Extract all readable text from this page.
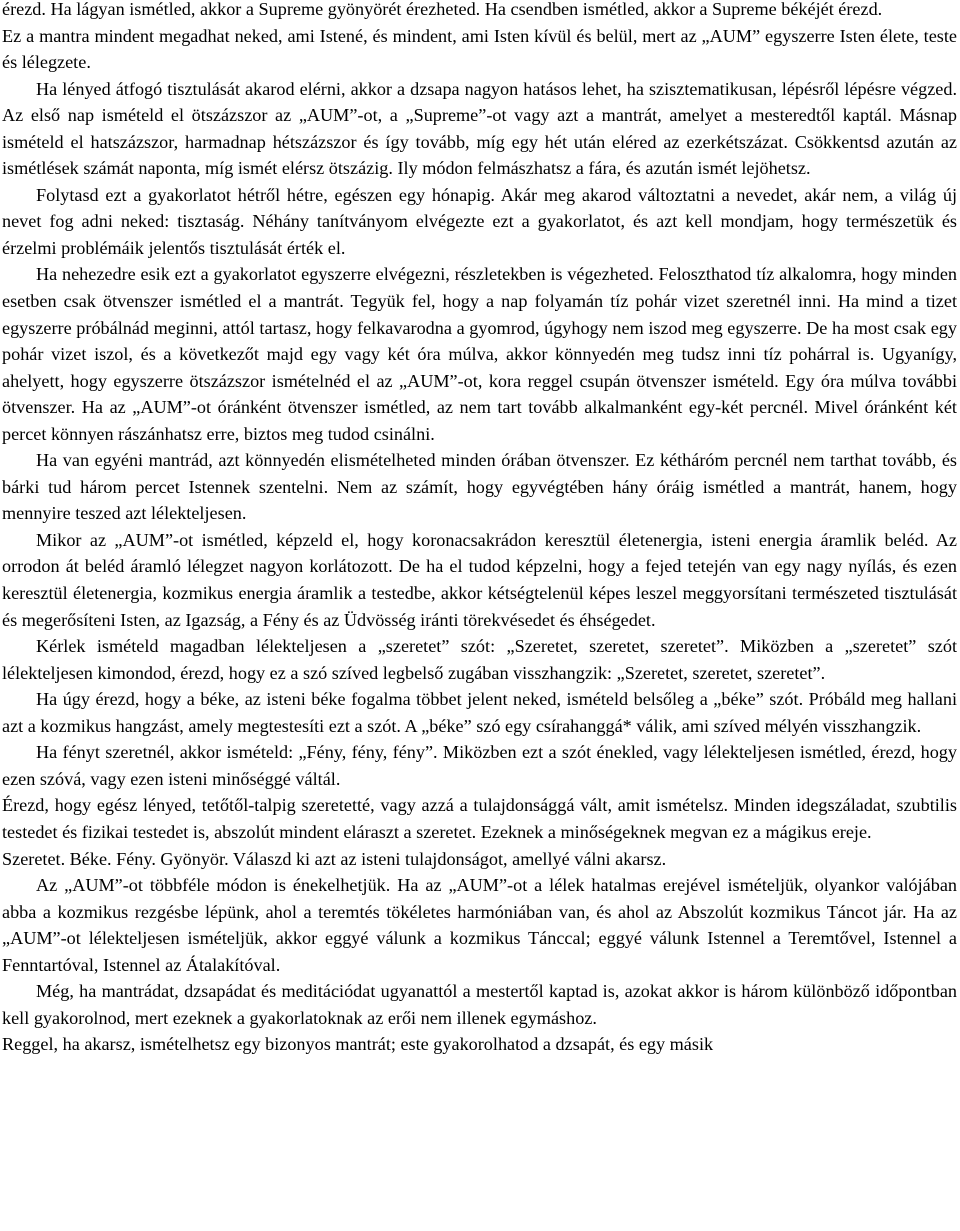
érezd. Ha lágyan ismétled, akkor a Supreme gyönyörét érezheted. Ha csendben ismétled, akkor a Supreme békéjét érezd.

Ez a mantra mindent megadhat neked, ami Istené, és mindent, ami Isten kívül és belül, mert az „AUM” egyszerre Isten élete, teste és lélegzete.

Ha lényed átfogó tisztulását akarod elérni, akkor a dzsapa nagyon hatásos lehet, ha szisztematikusan, lépésről lépésre végzed. Az első nap ismételd el ötszázszor az „AUM”-ot, a „Supreme”-ot vagy azt a mantrát, amelyet a mesteredtől kaptál. Másnap ismételd el hatszázszor, harmadnap hétszázszor és így tovább, míg egy hét után eléred az ezerkétszázat. Csökkentsd azután az ismétlések számát naponta, míg ismét elérsz ötszázig. Ily módon felmászhatsz a fára, és azután ismét lejöhetsz.

Folytasd ezt a gyakorlatot hétről hétre, egészen egy hónapig. Akár meg akarod változtatni a nevedet, akár nem, a világ új nevet fog adni neked: tisztaság. Néhány tanítványom elvégezte ezt a gyakorlatot, és azt kell mondjam, hogy természetük és érzelmi problémáik jelentős tisztulását érték el.

Ha nehezedre esik ezt a gyakorlatot egyszerre elvégezni, részletekben is végezheted. Feloszthatod tíz alkalomra, hogy minden esetben csak ötvenszer ismétled el a mantrát. Tegyük fel, hogy a nap folyamán tíz pohár vizet szeretnél inni. Ha mind a tizet egyszerre próbálnád meginni, attól tartasz, hogy felkavarodna a gyomrod, úgyhogy nem iszod meg egyszerre. De ha most csak egy pohár vizet iszol, és a következőt majd egy vagy két óra múlva, akkor könnyedén meg tudsz inni tíz pohárral is. Ugyanígy, ahelyett, hogy egyszerre ötszázszor ismételnéd el az „AUM”-ot, kora reggel csupán ötvenszer ismételd. Egy óra múlva további ötvenszer. Ha az „AUM”-ot óránként ötvenszer ismétled, az nem tart tovább alkalmanként egy-két percnél. Mivel óránként két percet könnyen rászánhatsz erre, biztos meg tudod csinálni.

Ha van egyéni mantrád, azt könnyedén elismételheted minden órában ötvenszer. Ez kétháróm percnél nem tarthat tovább, és bárki tud három percet Istennek szentelni. Nem az számít, hogy egyvégtében hány óráig ismétled a mantrát, hanem, hogy mennyire teszed azt lélekteljesen.

Mikor az „AUM”-ot ismétled, képzeld el, hogy koronacsakrádon keresztül életenergia, isteni energia áramlik beléd. Az orrodon át beléd áramló lélegzet nagyon korlátozott. De ha el tudod képzelni, hogy a fejed tetején van egy nagy nyílás, és ezen keresztül életenergia, kozmikus energia áramlik a testedbe, akkor kétségtelenül képes leszel meggyorsítani természeted tisztulását és megerősíteni Isten, az Igazság, a Fény és az Üdvösség iránti törekvésedet és éhségedet.

Kérlek ismételd magadban lélekteljesen a „szeretet” szót: „Szeretet, szeretet, szeretet”. Miközben a „szeretet” szót lélekteljesen kimondod, érezd, hogy ez a szó szíved legbelső zugában visszhangzik: „Szeretet, szeretet, szeretet”.

Ha úgy érezd, hogy a béke, az isteni béke fogalma többet jelent neked, ismételd belsőleg a „béke” szót. Próbáld meg hallani azt a kozmikus hangzást, amely megtestesíti ezt a szót. A „béke” szó egy csírahanggá* válik, ami szíved mélyén visszhangzik.

Ha fényt szeretnél, akkor ismételd: „Fény, fény, fény”. Miközben ezt a szót énekled, vagy lélekteljesen ismétled, érezd, hogy ezen szóvá, vagy ezen isteni minőséggé váltál.

Érezd, hogy egész lényed, tetőtől-talpig szeretetté, vagy azzá a tulajdonsággá vált, amit ismételsz. Minden idegszáladat, szubtilis testedet és fizikai testedet is, abszolút mindent eláraszt a szeretet. Ezeknek a minőségeknek megvan ez a mágikus ereje.

Szeretet. Béke. Fény. Gyönyör. Válaszd ki azt az isteni tulajdonságot, amellyé válni akarsz.

Az „AUM”-ot többféle módon is énekelhetjük. Ha az „AUM”-ot a lélek hatalmas erejével ismételjük, olyankor valójában abba a kozmikus rezgésbe lépünk, ahol a teremtés tökéletes harmóniában van, és ahol az Abszolút kozmikus Táncot jár. Ha az „AUM”-ot lélekteljesen ismételjük, akkor eggyé válunk a kozmikus Tánccal; eggyé válunk Istennel a Teremtővel, Istennel a Fenntartóval, Istennel az Átalakítóval.

Még, ha mantrádat, dzsapádat és meditációdat ugyanattól a mestertől kaptad is, azokat akkor is három különböző időpontban kell gyakorolnod, mert ezeknek a gyakorlatoknak az erői nem illenek egymáshoz.

Reggel, ha akarsz, ismételhetsz egy bizonyos mantrát; este gyakorolhatod a dzsapát, és egy másik
